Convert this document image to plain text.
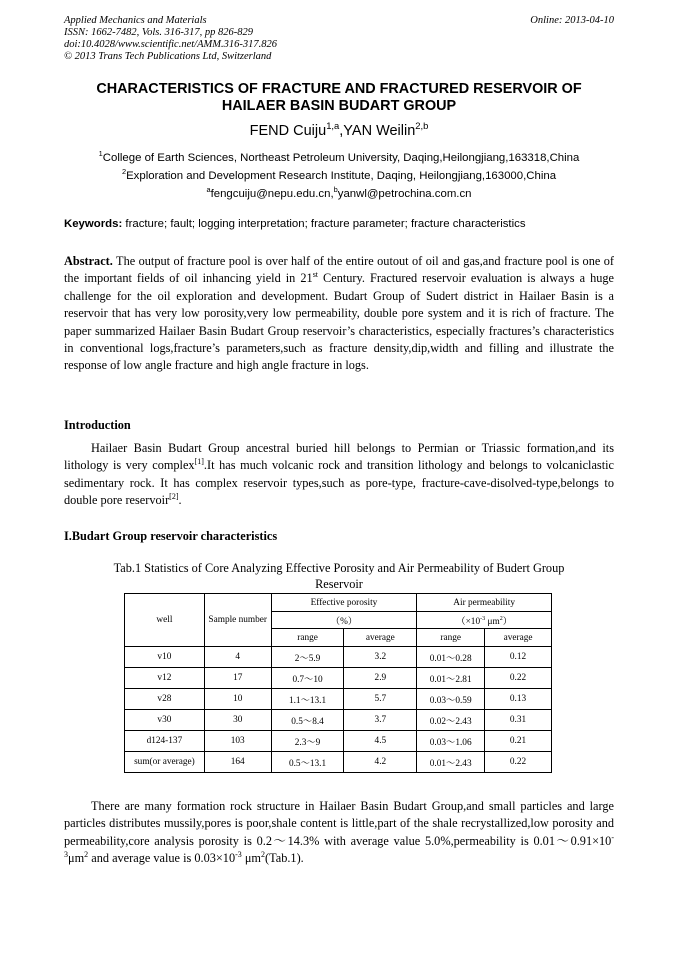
Applied Mechanics and Materials
ISSN: 1662-7482, Vols. 316-317, pp 826-829
doi:10.4028/www.scientific.net/AMM.316-317.826
© 2013 Trans Tech Publications Ltd, Switzerland
Online: 2013-04-10
CHARACTERISTICS OF FRACTURE AND FRACTURED RESERVOIR OF
HAILAER BASIN BUDART GROUP
FEND Cuiju$^{1,a}$,YAN Weilin$^{2,b}$
$^1$College of Earth Sciences, Northeast Petroleum University, Daqing,Heilongjiang,163318,China
$^2$Exploration and Development Research Institute, Daqing, Heilongjiang,163000,China
$^a$fengcuiju@nepu.edu.cn,$^b$yanwl@petrochina.com.cn
Keywords: fracture; fault; logging interpretation; fracture parameter; fracture characteristics
Abstract. The output of fracture pool is over half of the entire outout of oil and gas,and fracture pool is one of the important fields of oil inhancing yield in 21st Century. Fractured reservoir evaluation is always a huge challenge for the oil exploration and development. Budart Group of Sudert district in Hailaer Basin is a reservoir that has very low porosity,very low permeability, double pore system and it is rich of fracture. The paper summarized Hailaer Basin Budart Group reservoir’s characteristics, especially fractures’s characteristics in conventional logs,fracture’s parameters,such as fracture density,dip,width and filling and illustrate the response of low angle fracture and high angle fracture in logs.
Introduction
Hailaer Basin Budart Group ancestral buried hill belongs to Permian or Triassic formation,and its lithology is very complex[1].It has much volcanic rock and transition lithology and belongs to volcaniclastic sedimentary rock. It has complex reservoir types,such as pore-type, fracture-cave-disolved-type,belongs to double pore reservoir[2].
I.Budart Group reservoir characteristics
Tab.1 Statistics of Core Analyzing Effective Porosity and Air Permeability of Budert Group
Reservoir
well	Sample number	Effective porosity		Air permeability	
		（%）		（$\times 10^{-3}$ $\mu m^2$）	
		range	average	range	average
v10	4	2～5.9	3.2	0.01～0.28	0.12
v12	17	0.7～10	2.9	0.01～2.81	0.22
v28	10	1.1～13.1	5.7	0.03～0.59	0.13
v30	30	0.5～8.4	3.7	0.02～2.43	0.31
d124-137	103	2.3～9	4.5	0.03～1.06	0.21
sum(or average)	164	0.5～13.1	4.2	0.01～2.43	0.22
There are many formation rock structure in Hailaer Basin Budart Group,and small particles and large particles distributes mussily,pores is poor,shale content is little,part of the shale recrystallized,low porosity and permeability,core analysis porosity is 0.2～14.3% with average value 5.0%,permeability is $0.01\sim 0.91\times 10^{-3}\mu m^2$ and average value is $0.03\times 10^{-3}$ $\mu m^2(Tab.1)$.
